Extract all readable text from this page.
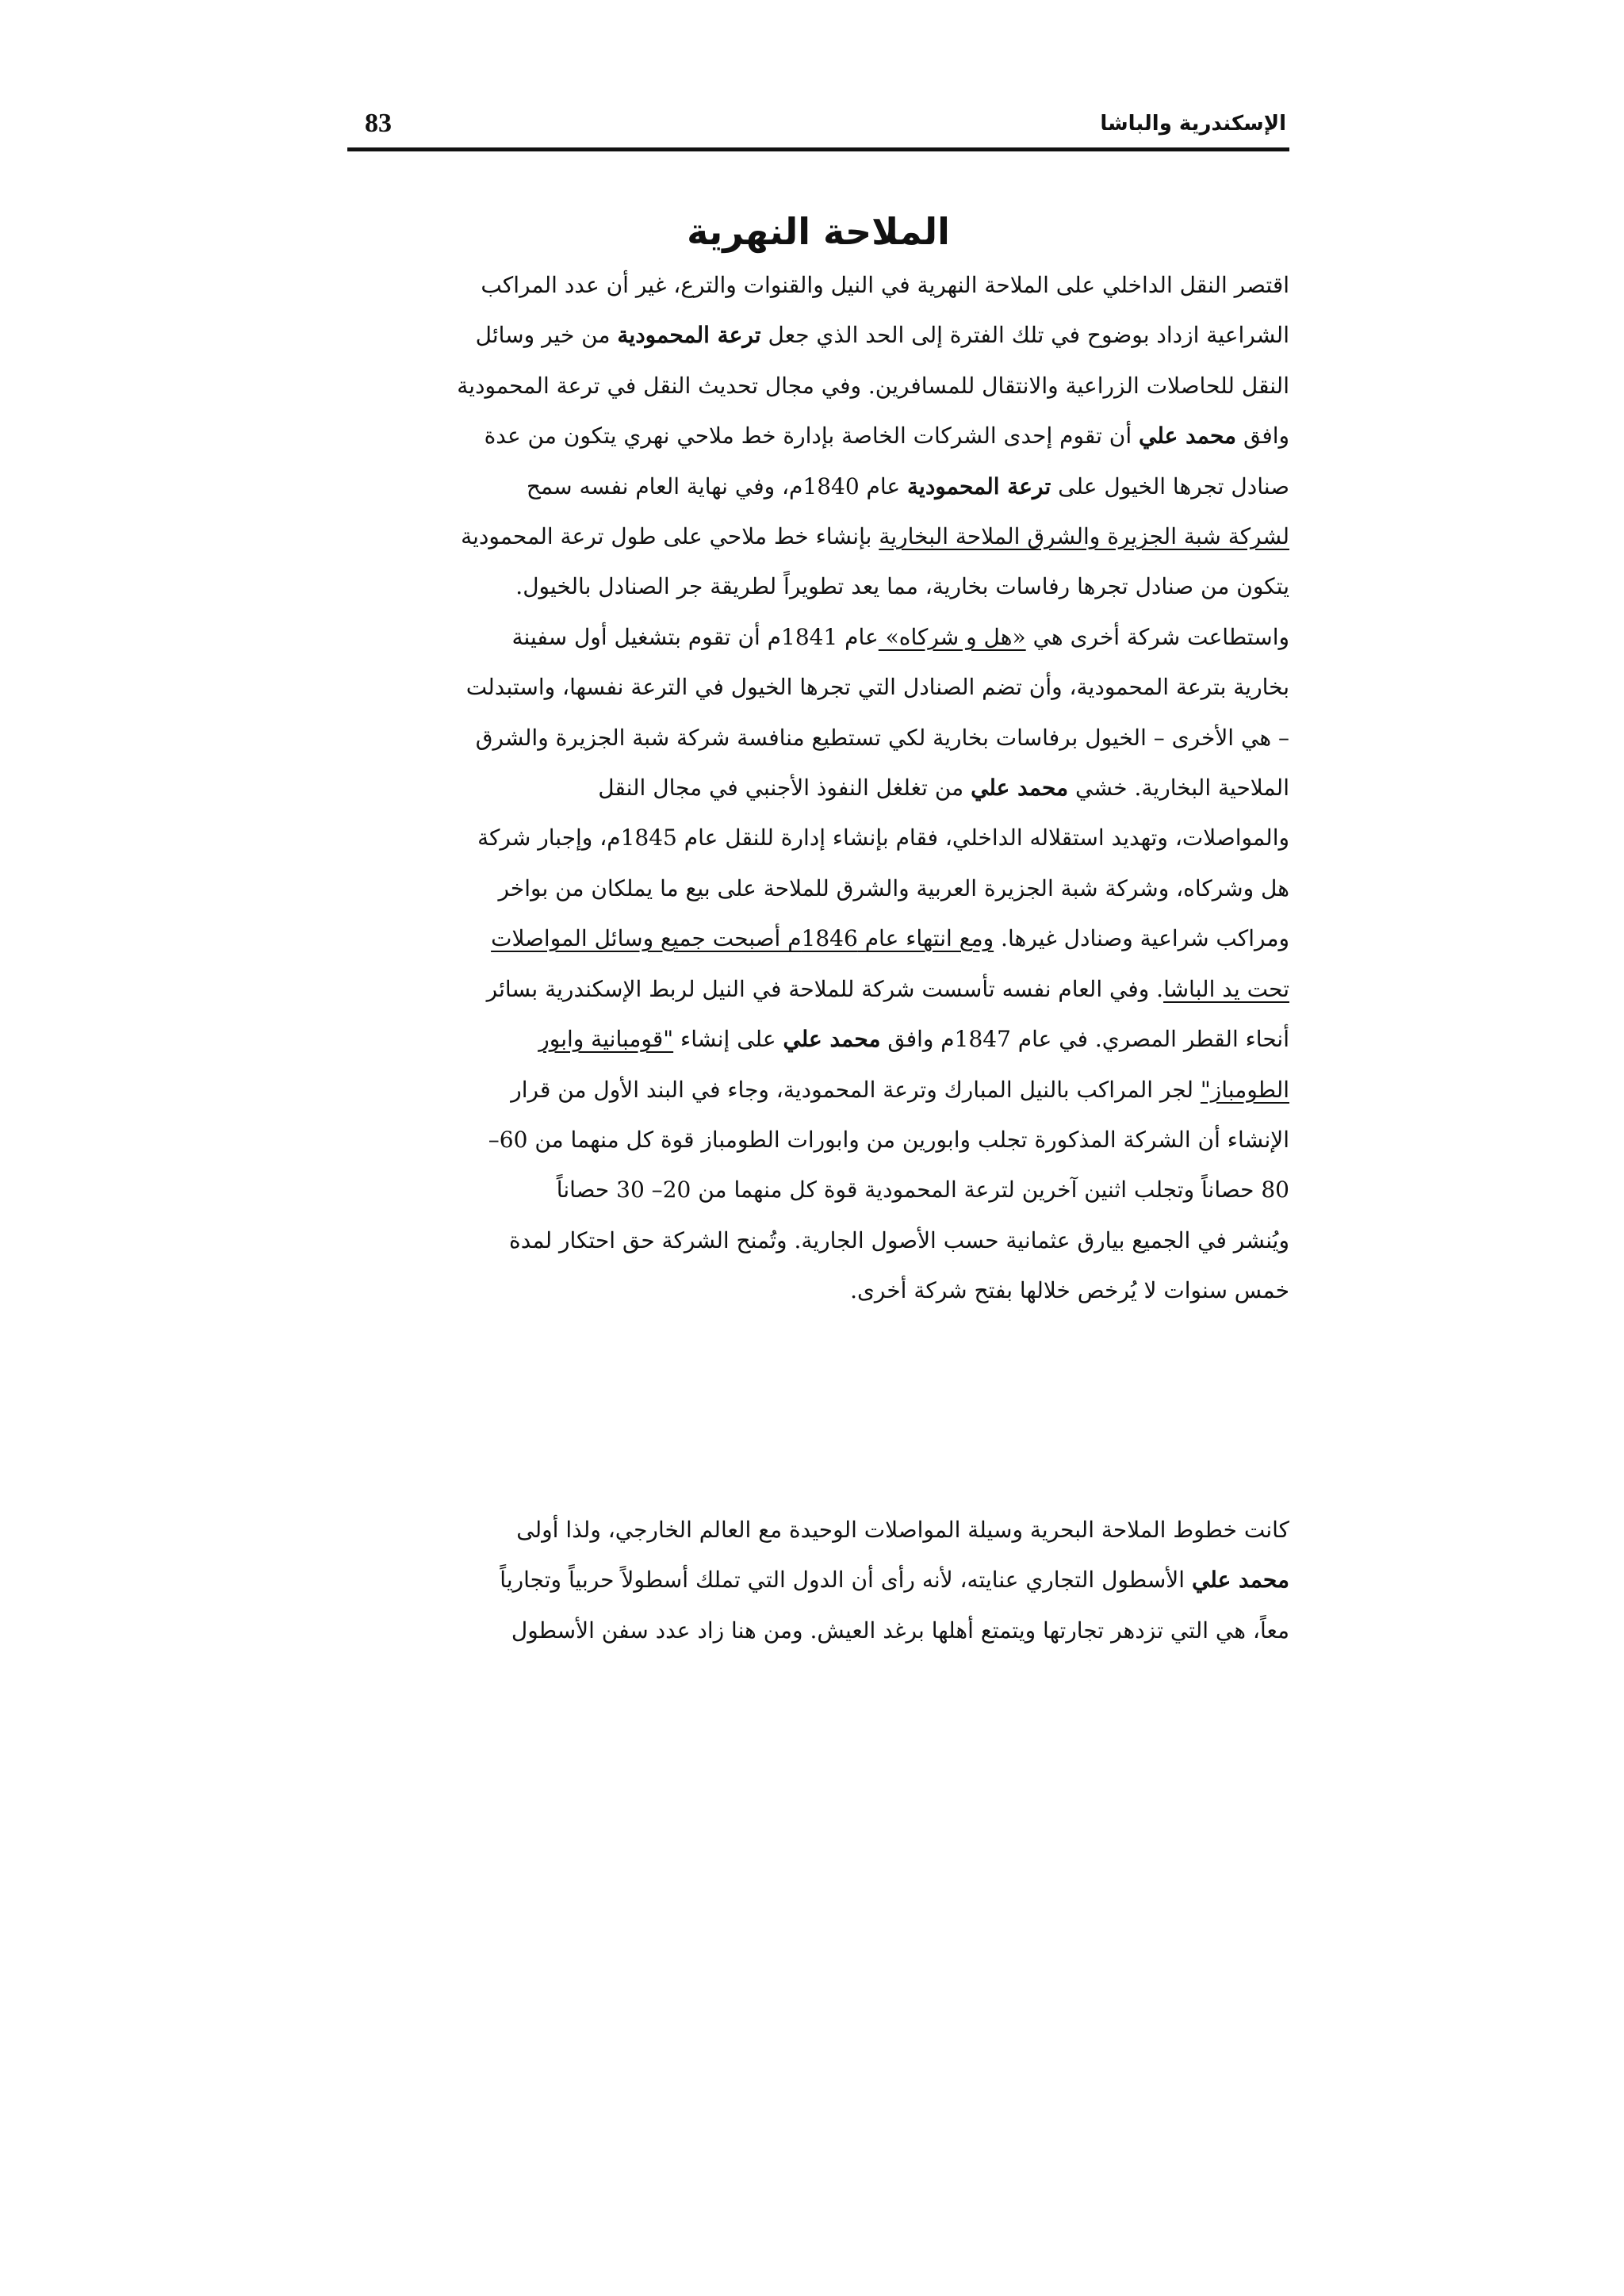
83	الإسكندرية والباشا
الملاحة النهرية
اقتصر النقل الداخلي على الملاحة النهرية في النيل والقنوات والترع، غير أن عدد المراكب
الشراعية ازداد بوضوح في تلك الفترة إلى الحد الذي جعل ترعة المحمودية من خير وسائل
النقل للحاصلات الزراعية والانتقال للمسافرين. وفي مجال تحديث النقل في ترعة المحمودية
وافق محمد علي أن تقوم إحدى الشركات الخاصة بإدارة خط ملاحي نهري يتكون من عدة
صنادل تجرها الخيول على ترعة المحمودية عام 1840م، وفي نهاية العام نفسه سمح
لشركة شبة الجزيرة والشرق الملاحة البخارية بإنشاء خط ملاحي على طول ترعة المحمودية
يتكون من صنادل تجرها رفاسات بخارية، مما يعد تطويراً لطريقة جر الصنادل بالخيول.
واستطاعت شركة أخرى هي «هل و شركاه» عام 1841م أن تقوم بتشغيل أول سفينة
بخارية بترعة المحمودية، وأن تضم الصنادل التي تجرها الخيول في الترعة نفسها، واستبدلت
– هي الأخرى – الخيول برفاسات بخارية لكي تستطيع منافسة شركة شبة الجزيرة والشرق
الملاحية البخارية. خشي محمد علي من تغلغل النفوذ الأجنبي في مجال النقل
والمواصلات، وتهديد استقلاله الداخلي، فقام بإنشاء إدارة للنقل عام 1845م، وإجبار شركة
هل وشركاه، وشركة شبة الجزيرة العربية والشرق للملاحة على بيع ما يملكان من بواخر
ومراكب شراعية وصنادل غيرها. ومع انتهاء عام 1846م أصبحت جميع وسائل المواصلات
تحت يد الباشا. وفي العام نفسه تأسست شركة للملاحة في النيل لربط الإسكندرية بسائر
أنحاء القطر المصري. في عام 1847م وافق محمد علي على إنشاء "قومبانية وابور
الطومباز" لجر المراكب بالنيل المبارك وترعة المحمودية، وجاء في البند الأول من قرار
الإنشاء أن الشركة المذكورة تجلب وابورين من وابورات الطومباز قوة كل منهما من 60–
80 حصاناً وتجلب اثنين آخرين لترعة المحمودية قوة كل منهما من 20– 30 حصاناً
ويُنشر في الجميع بيارق عثمانية حسب الأصول الجارية. وتُمنح الشركة حق احتكار لمدة
خمس سنوات لا يُرخص خلالها بفتح شركة أخرى.
كانت خطوط الملاحة البحرية وسيلة المواصلات الوحيدة مع العالم الخارجي، ولذا أولى
محمد علي الأسطول التجاري عنايته، لأنه رأى أن الدول التي تملك أسطولاً حربياً وتجارياً
معاً، هي التي تزدهر تجارتها ويتمتع أهلها برغد العيش. ومن هنا زاد عدد سفن الأسطول
